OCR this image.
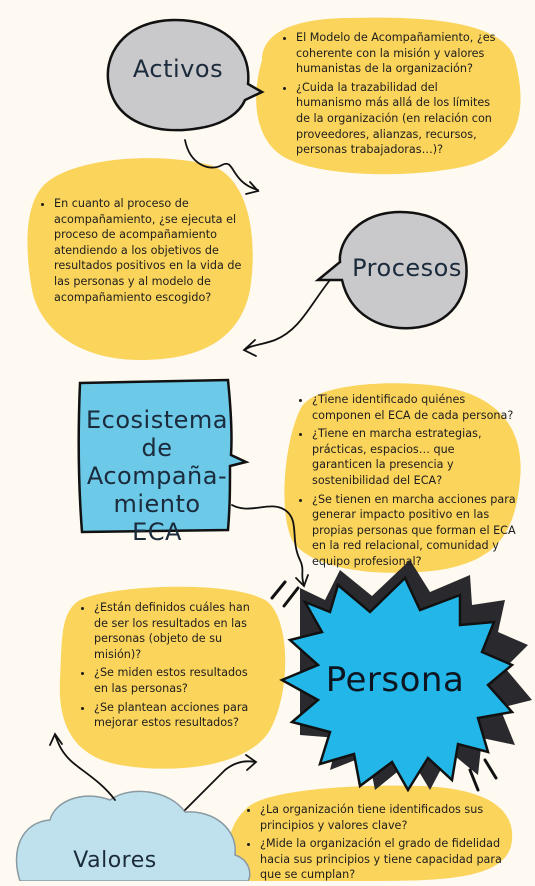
Activos
Procesos
Ecosistema
de Acompaña-
miento
ECA
Persona
Valores
• El Modelo de Acompañamiento, ¿es coherente con la misión y valores humanistas de la organización?
• ¿Cuida la trazabilidad del humanismo más allá de los límites de la organización (en relación con proveedores, alianzas, recursos, personas trabajadoras…)?
• En cuanto al proceso de acompañamiento, ¿se ejecuta el proceso de acompañamiento atendiendo a los objetivos de resultados positivos en la vida de las personas y al modelo de acompañamiento escogido?
• ¿Tiene identificado quiénes componen el ECA de cada persona?
• ¿Tiene en marcha estrategias, prácticas, espacios… que garanticen la presencia y sostenibilidad del ECA?
• ¿Se tienen en marcha acciones para generar impacto positivo en las propias personas que forman el ECA en la red relacional, comunidad y equipo profesional?
• ¿Están definidos cuáles han de ser los resultados en las personas (objeto de su misión)?
• ¿Se miden estos resultados en las personas?
• ¿Se plantean acciones para mejorar estos resultados?
• ¿La organización tiene identificados sus principios y valores clave?
• ¿Mide la organización el grado de fidelidad hacia sus principios y tiene capacidad para que se cumplan?
